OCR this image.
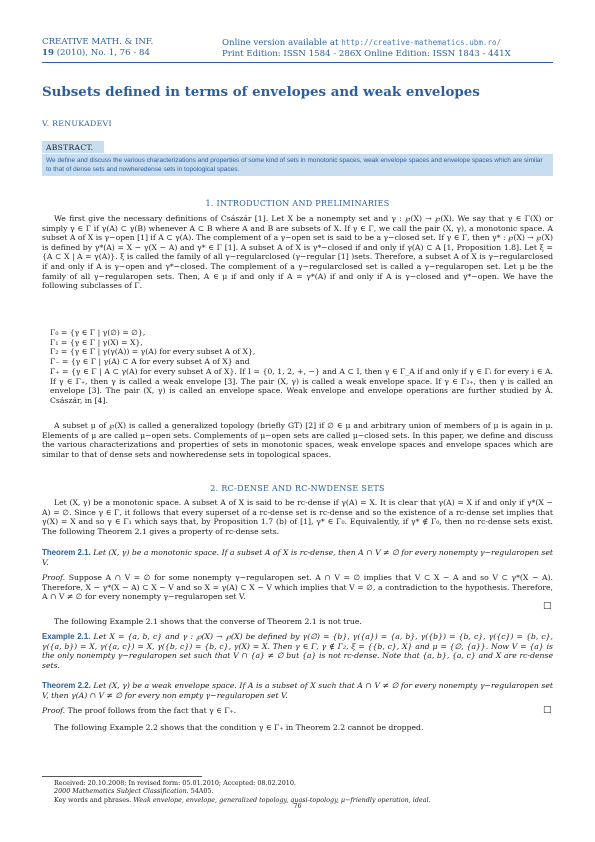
CREATIVE MATH. & INF.
19 (2010), No. 1, 76 - 84
Online version available at http://creative-mathematics.ubm.ro/
Print Edition: ISSN 1584 - 286X Online Edition: ISSN 1843 - 441X
Subsets defined in terms of envelopes and weak envelopes
V. RENUKADEVI
ABSTRACT.
We define and discuss the various characterizations and properties of some kind of sets in monotonic spaces, weak envelope spaces and envelope spaces which are similar to that of dense sets and nowheredense sets in topological spaces.
1. INTRODUCTION AND PRELIMINARIES

We first give the necessary definitions of Császár [1]. Let X be a nonempty set and γ : ℘(X) → ℘(X). We say that γ ∈ Γ(X) or simply γ ∈ Γ if γ(A) ⊂ γ(B) whenever A ⊂ B where A and B are subsets of X. If γ ∈ Γ, we call the pair (X, γ), a monotonic space. A subset A of X is γ−open [1] if A ⊂ γ(A). The complement of a γ−open set is said to be a γ−closed set. If γ ∈ Γ, then γ* : ℘(X) → ℘(X) is defined by γ*(A) = X − γ(X − A) and γ* ∈ Γ [1]. A subset A of X is γ*−closed if and only if γ(A) ⊂ A [1, Proposition 1.8]. Let ξ = {A ⊂ X | A = γ(A)}. ξ is called the family of all γ−regularclosed (γ−regular [1] )sets. Therefore, a subset A of X is γ−regularclosed if and only if A is γ−open and γ*−closed. The complement of a γ−regularclosed set is called a γ−regularopen set. Let μ be the family of all γ−regularopen sets. Then, A ∈ μ if and only if A = γ*(A) if and only if A is γ−closed and γ*−open. We have the following subclasses of Γ.

Γ₀ = {γ ∈ Γ | γ(∅) = ∅},
Γ₁ = {γ ∈ Γ | γ(X) = X},
Γ₂ = {γ ∈ Γ | γ(γ(A)) = γ(A) for every subset A of X},
Γ₋ = {γ ∈ Γ | γ(A) ⊂ A for every subset A of X} and

Γ₊ = {γ ∈ Γ | A ⊂ γ(A) for every subset A of X}. If I = {0, 1, 2, +, −} and A ⊂ I, then γ ∈ Γ_A if and only if γ ∈ Γᵢ for every i ∈ A. If γ ∈ Γ₊, then γ is called a weak envelope [3]. The pair (X, γ) is called a weak envelope space. If γ ∈ Γ₂₊, then γ is called an envelope [3]. The pair (X, γ) is called an envelope space. Weak envelope and envelope operations are further studied by Á. Császár, in [4].

A subset μ of ℘(X) is called a generalized topology (briefly GT) [2] if ∅ ∈ μ and arbitrary union of members of μ is again in μ. Elements of μ are called μ−open sets. Complements of μ−open sets are called μ−closed sets. In this paper, we define and discuss the various characterizations and properties of sets in monotonic spaces, weak envelope spaces and envelope spaces which are similar to that of dense sets and nowheredense sets in topological spaces.

2. RC-DENSE AND RC-NWDENSE SETS

Let (X, γ) be a monotonic space. A subset A of X is said to be rc-dense if γ(A) = X. It is clear that γ(A) = X if and only if γ*(X − A) = ∅. Since γ ∈ Γ, it follows that every superset of a rc-dense set is rc-dense and so the existence of a rc-dense set implies that γ(X) = X and so γ ∈ Γ₁ which says that, by Proposition 1.7 (b) of [1], γ* ∈ Γ₀. Equivalently, if γ* ∉ Γ₀, then no rc-dense sets exist. The following Theorem 2.1 gives a property of rc-dense sets.

Theorem 2.1. Let (X, γ) be a monotonic space. If a subset A of X is rc-dense, then A ∩ V ≠ ∅ for every nonempty γ−regularopen set V.

Proof. Suppose A ∩ V = ∅ for some nonempty γ−regularopen set. A ∩ V = ∅ implies that V ⊂ X − A and so V ⊂ γ*(X − A). Therefore, X − γ*(X − A) ⊂ X − V and so X = γ(A) ⊂ X − V which implies that V = ∅, a contradiction to the hypothesis. Therefore, A ∩ V ≠ ∅ for every nonempty γ−regularopen set V.

□

The following Example 2.1 shows that the converse of Theorem 2.1 is not true.

Example 2.1. Let X = {a, b, c} and γ : ℘(X) → ℘(X) be defined by γ(∅) = {b}, γ({a}) = {a, b}, γ({b}) = {b, c}, γ({c}) = {b, c}, γ({a, b}) = X, γ({a, c}) = X, γ({b, c}) = {b, c}, γ(X) = X. Then γ ∈ Γ, γ ∉ Γ₂, ξ = {{b, c}, X} and μ = {∅, {a}}. Now V = {a} is the only nonempty γ−regularopen set such that V ∩ {a} ≠ ∅ but {a} is not rc-dense. Note that {a, b}, {a, c} and X are rc-dense sets.

Theorem 2.2. Let (X, γ) be a weak envelope space. If A is a subset of X such that A ∩ V ≠ ∅ for every nonempty γ−regularopen set V, then γ(A) ∩ V ≠ ∅ for every non empty γ−regularopen set V.

Proof. The proof follows from the fact that γ ∈ Γ₊.	□

The following Example 2.2 shows that the condition γ ∈ Γ₊ in Theorem 2.2 cannot be dropped.

Received: 20.10.2008; In revised form: 05.01.2010; Accepted: 08.02.2010.
2000 Mathematics Subject Classification. 54A05.
Key words and phrases. Weak envelope, envelope, generalized topology, quasi-topology, μ−friendly operation, ideal.
76
